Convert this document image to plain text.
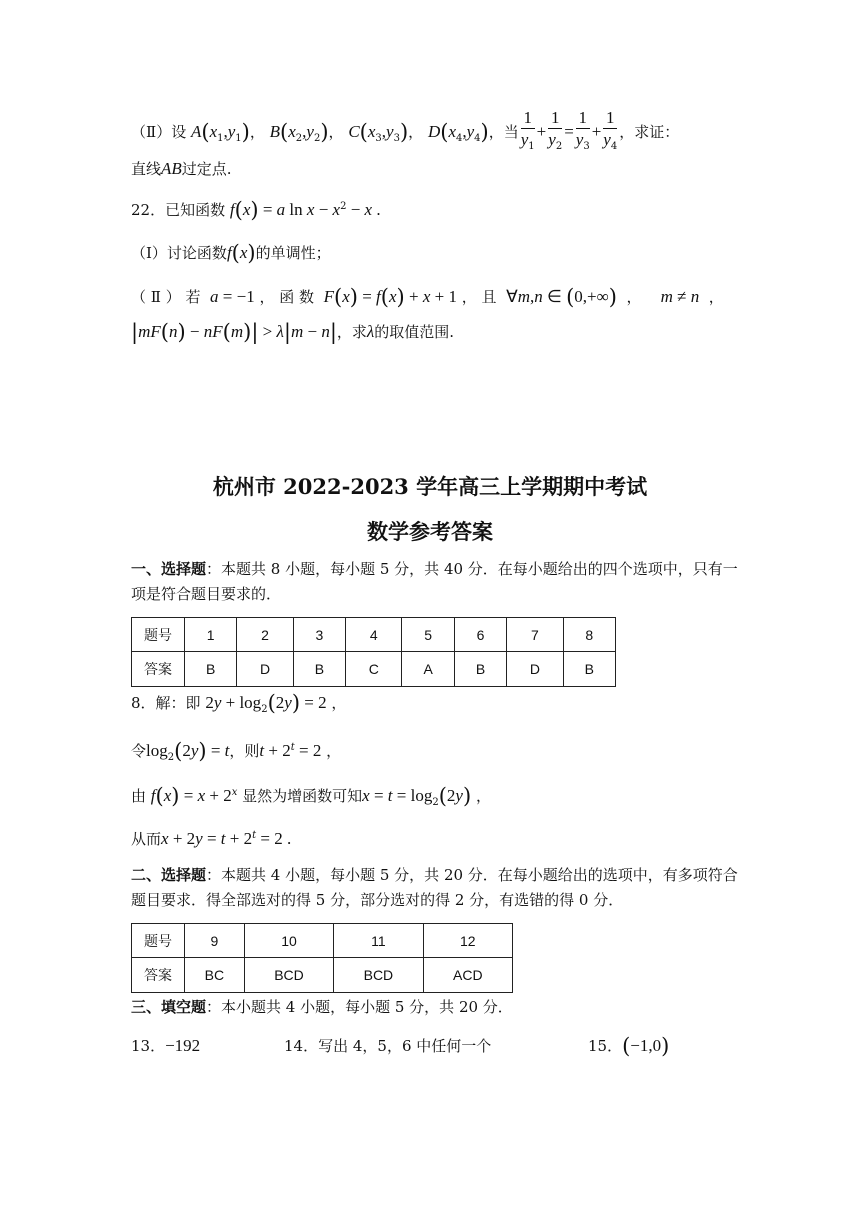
（Ⅱ）设 $A(x_1,y_1)$， $B(x_2,y_2)$， $C(x_3,y_3)$， $D(x_4,y_4)$，当 $\frac{1}{y_1} + \frac{1}{y_2} = \frac{1}{y_3} + \frac{1}{y_4}$ ，求证：
直线AB过定点.
22．已知函数 f(x) = a $\ln x - x^2 - x$ .
（Ⅰ）讨论函数f(x)的单调性；
（ Ⅱ ） 若 a = −1 ， 函 数 F(x) = f(x) + x + 1 ， 且 ∀m,n ∈ (0,+∞) ， m ≠ n  ，
|mF(n) − nF(m)| > λ|m − n|，求λ的取值范围.
杭州市 2022-2023 学年高三上学期期中考试
数学参考答案
一、选择题：本题共 8 小题，每小题 5 分，共 40 分．在每小题给出的四个选项中，只有一
项是符合题目要求的．
题号	1	2	3	4	5	6	7	8
答案	B	D	B	C	A	B	D	B
8．解：即 $2y + \log_2(2y) = 2$ ，
令$\log_2(2y) = t$，则$t + 2^t = 2$ ，
由 $f(x) = x + 2^x$ 显然为增函数可知$x = t = \log_2(2y)$ ，
从而$x + 2y = t + 2^t = 2$ .
二、选择题：本题共 4 小题，每小题 5 分，共 20 分．在每小题给出的选项中，有多项符合
题目要求．得全部选对的得 5 分，部分选对的得 2 分，有选错的得 0 分．
题号	9	10	11	12
答案	BC	BCD	BCD	ACD
三、填空题：本小题共 4 小题，每小题 5 分，共 20 分．
13．−192	14．写出 4，5，6 中任何一个	15．(−1,0)
